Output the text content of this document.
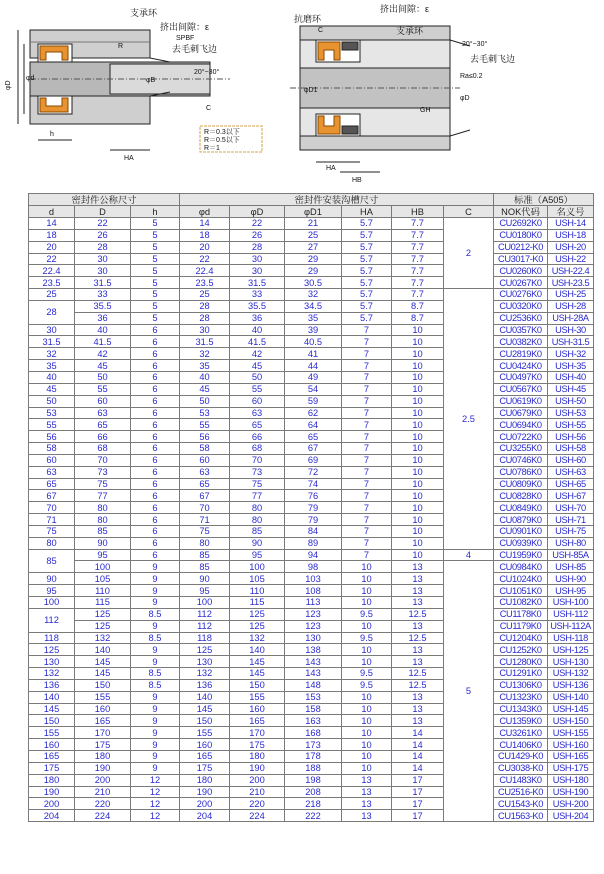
支承环
挤出间隙：ε
SPBF
去毛刺飞边
20°~30°
φD
φd	φB
h
HA
C
R
R＝0.3以下
R＝0.5以下
R＝1
抗磨环
挤出间隙：ε
支承环
去毛刺飞边
20°~30°
Ra≤0.2
φD1
φD
C
GH
HA
HB
密封件公称尺寸			密封件安装沟槽尺寸						标准（A505）	
d	D	h	φd	φD	φD1	HA	HB	C	NOK代码	名义号
14	22	5	14	22	21	5.7	7.7	2	CU2692K0	USH-14
18	26	5	18	26	25	5.7	7.7		CU0180K0	USH-18
20	28	5	20	28	27	5.7	7.7		CU0212-K0	USH-20
22	30	5	22	30	29	5.7	7.7		CU3017-K0	USH-22
22.4	30	5	22.4	30	29	5.7	7.7		CU0260K0	USH-22.4
23.5	31.5	5	23.5	31.5	30.5	5.7	7.7		CU0267K0	USH-23.5
25	33	5	25	33	32	5.7	7.7	2.5	CU0276K0	USH-25
28	35.5	5	28	35.5	34.5	5.7	8.7		CU0320K0	USH-28
	36	5	28	36	35	5.7	8.7		CU2536K0	USH-28A
30	40	6	30	40	39	7	10		CU0357K0	USH-30
31.5	41.5	6	31.5	41.5	40.5	7	10		CU0382K0	USH-31.5
32	42	6	32	42	41	7	10		CU2819K0	USH-32
35	45	6	35	45	44	7	10		CU0424K0	USH-35
40	50	6	40	50	49	7	10		CU0497K0	USH-40
45	55	6	45	55	54	7	10		CU0567K0	USH-45
50	60	6	50	60	59	7	10		CU0619K0	USH-50
53	63	6	53	63	62	7	10		CU0679K0	USH-53
55	65	6	55	65	64	7	10		CU0694K0	USH-55
56	66	6	56	66	65	7	10		CU0722K0	USH-56
58	68	6	58	68	67	7	10		CU3255K0	USH-58
60	70	6	60	70	69	7	10		CU0746K0	USH-60
63	73	6	63	73	72	7	10		CU0786K0	USH-63
65	75	6	65	75	74	7	10		CU0809K0	USH-65
67	77	6	67	77	76	7	10		CU0828K0	USH-67
70	80	6	70	80	79	7	10		CU0849K0	USH-70
71	80	6	71	80	79	7	10		CU0879K0	USH-71
75	85	6	75	85	84	7	10		CU0901K0	USH-75
80	90	6	80	90	89	7	10		CU0939K0	USH-80
85	95	6	85	95	94	7	10	4	CU1959K0	USH-85A
	100	9	85	100	98	10	13	5	CU0984K0	USH-85
90	105	9	90	105	103	10	13		CU1024K0	USH-90
95	110	9	95	110	108	10	13		CU1051K0	USH-95
100	115	9	100	115	113	10	13		CU1082K0	USH-100
112	125	8.5	112	125	123	9.5	12.5		CU1178K0	USH-112
	125	9	112	125	123	10	13		CU1179K0	USH-112A
118	132	8.5	118	132	130	9.5	12.5		CU1204K0	USH-118
125	140	9	125	140	138	10	13		CU1252K0	USH-125
130	145	9	130	145	143	10	13		CU1280K0	USH-130
132	145	8.5	132	145	143	9.5	12.5		CU1291K0	USH-132
136	150	8.5	136	150	148	9.5	12.5		CU1306K0	USH-136
140	155	9	140	155	153	10	13		CU1323K0	USH-140
145	160	9	145	160	158	10	13		CU1343K0	USH-145
150	165	9	150	165	163	10	13		CU1359K0	USH-150
155	170	9	155	170	168	10	14		CU3261K0	USH-155
160	175	9	160	175	173	10	14		CU1406K0	USH-160
165	180	9	165	180	178	10	14		CU1429-K0	USH-165
175	190	9	175	190	188	10	14		CU3038-K0	USH-175
180	200	12	180	200	198	13	17		CU1483K0	USH-180
190	210	12	190	210	208	13	17		CU2516-K0	USH-190
200	220	12	200	220	218	13	17		CU1543-K0	USH-200
204	224	12	204	224	222	13	17		CU1563-K0	USH-204
